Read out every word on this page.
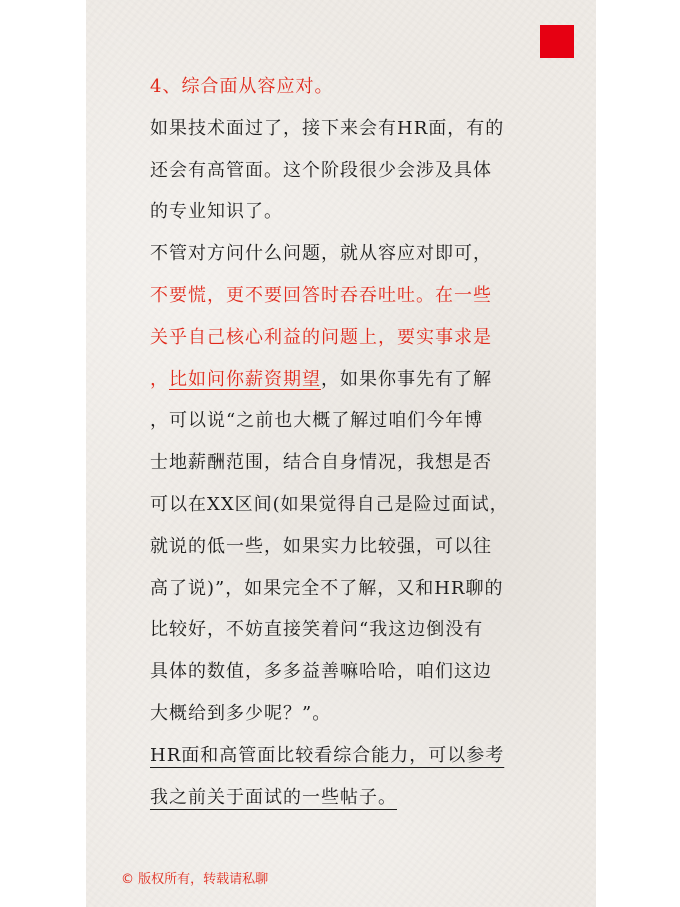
4、综合面从容应对。
如果技术面过了，接下来会有HR面，有的
还会有高管面。这个阶段很少会涉及具体
的专业知识了。
不管对方问什么问题，就从容应对即可，
不要慌，更不要回答时吞吞吐吐。在一些
关乎自己核心利益的问题上，要实事求是
，比如问你薪资期望，如果你事先有了解
，可以说“之前也大概了解过咱们今年博
士地薪酬范围，结合自身情况，我想是否
可以在XX区间(如果觉得自己是险过面试，
就说的低一些，如果实力比较强，可以往
高了说)”，如果完全不了解，又和HR聊的
比较好，不妨直接笑着问“我这边倒没有
具体的数值，多多益善嘛哈哈，咱们这边
大概给到多少呢？”。
HR面和高管面比较看综合能力，可以参考
我之前关于面试的一些帖子。
© 版权所有，转载请私聊
